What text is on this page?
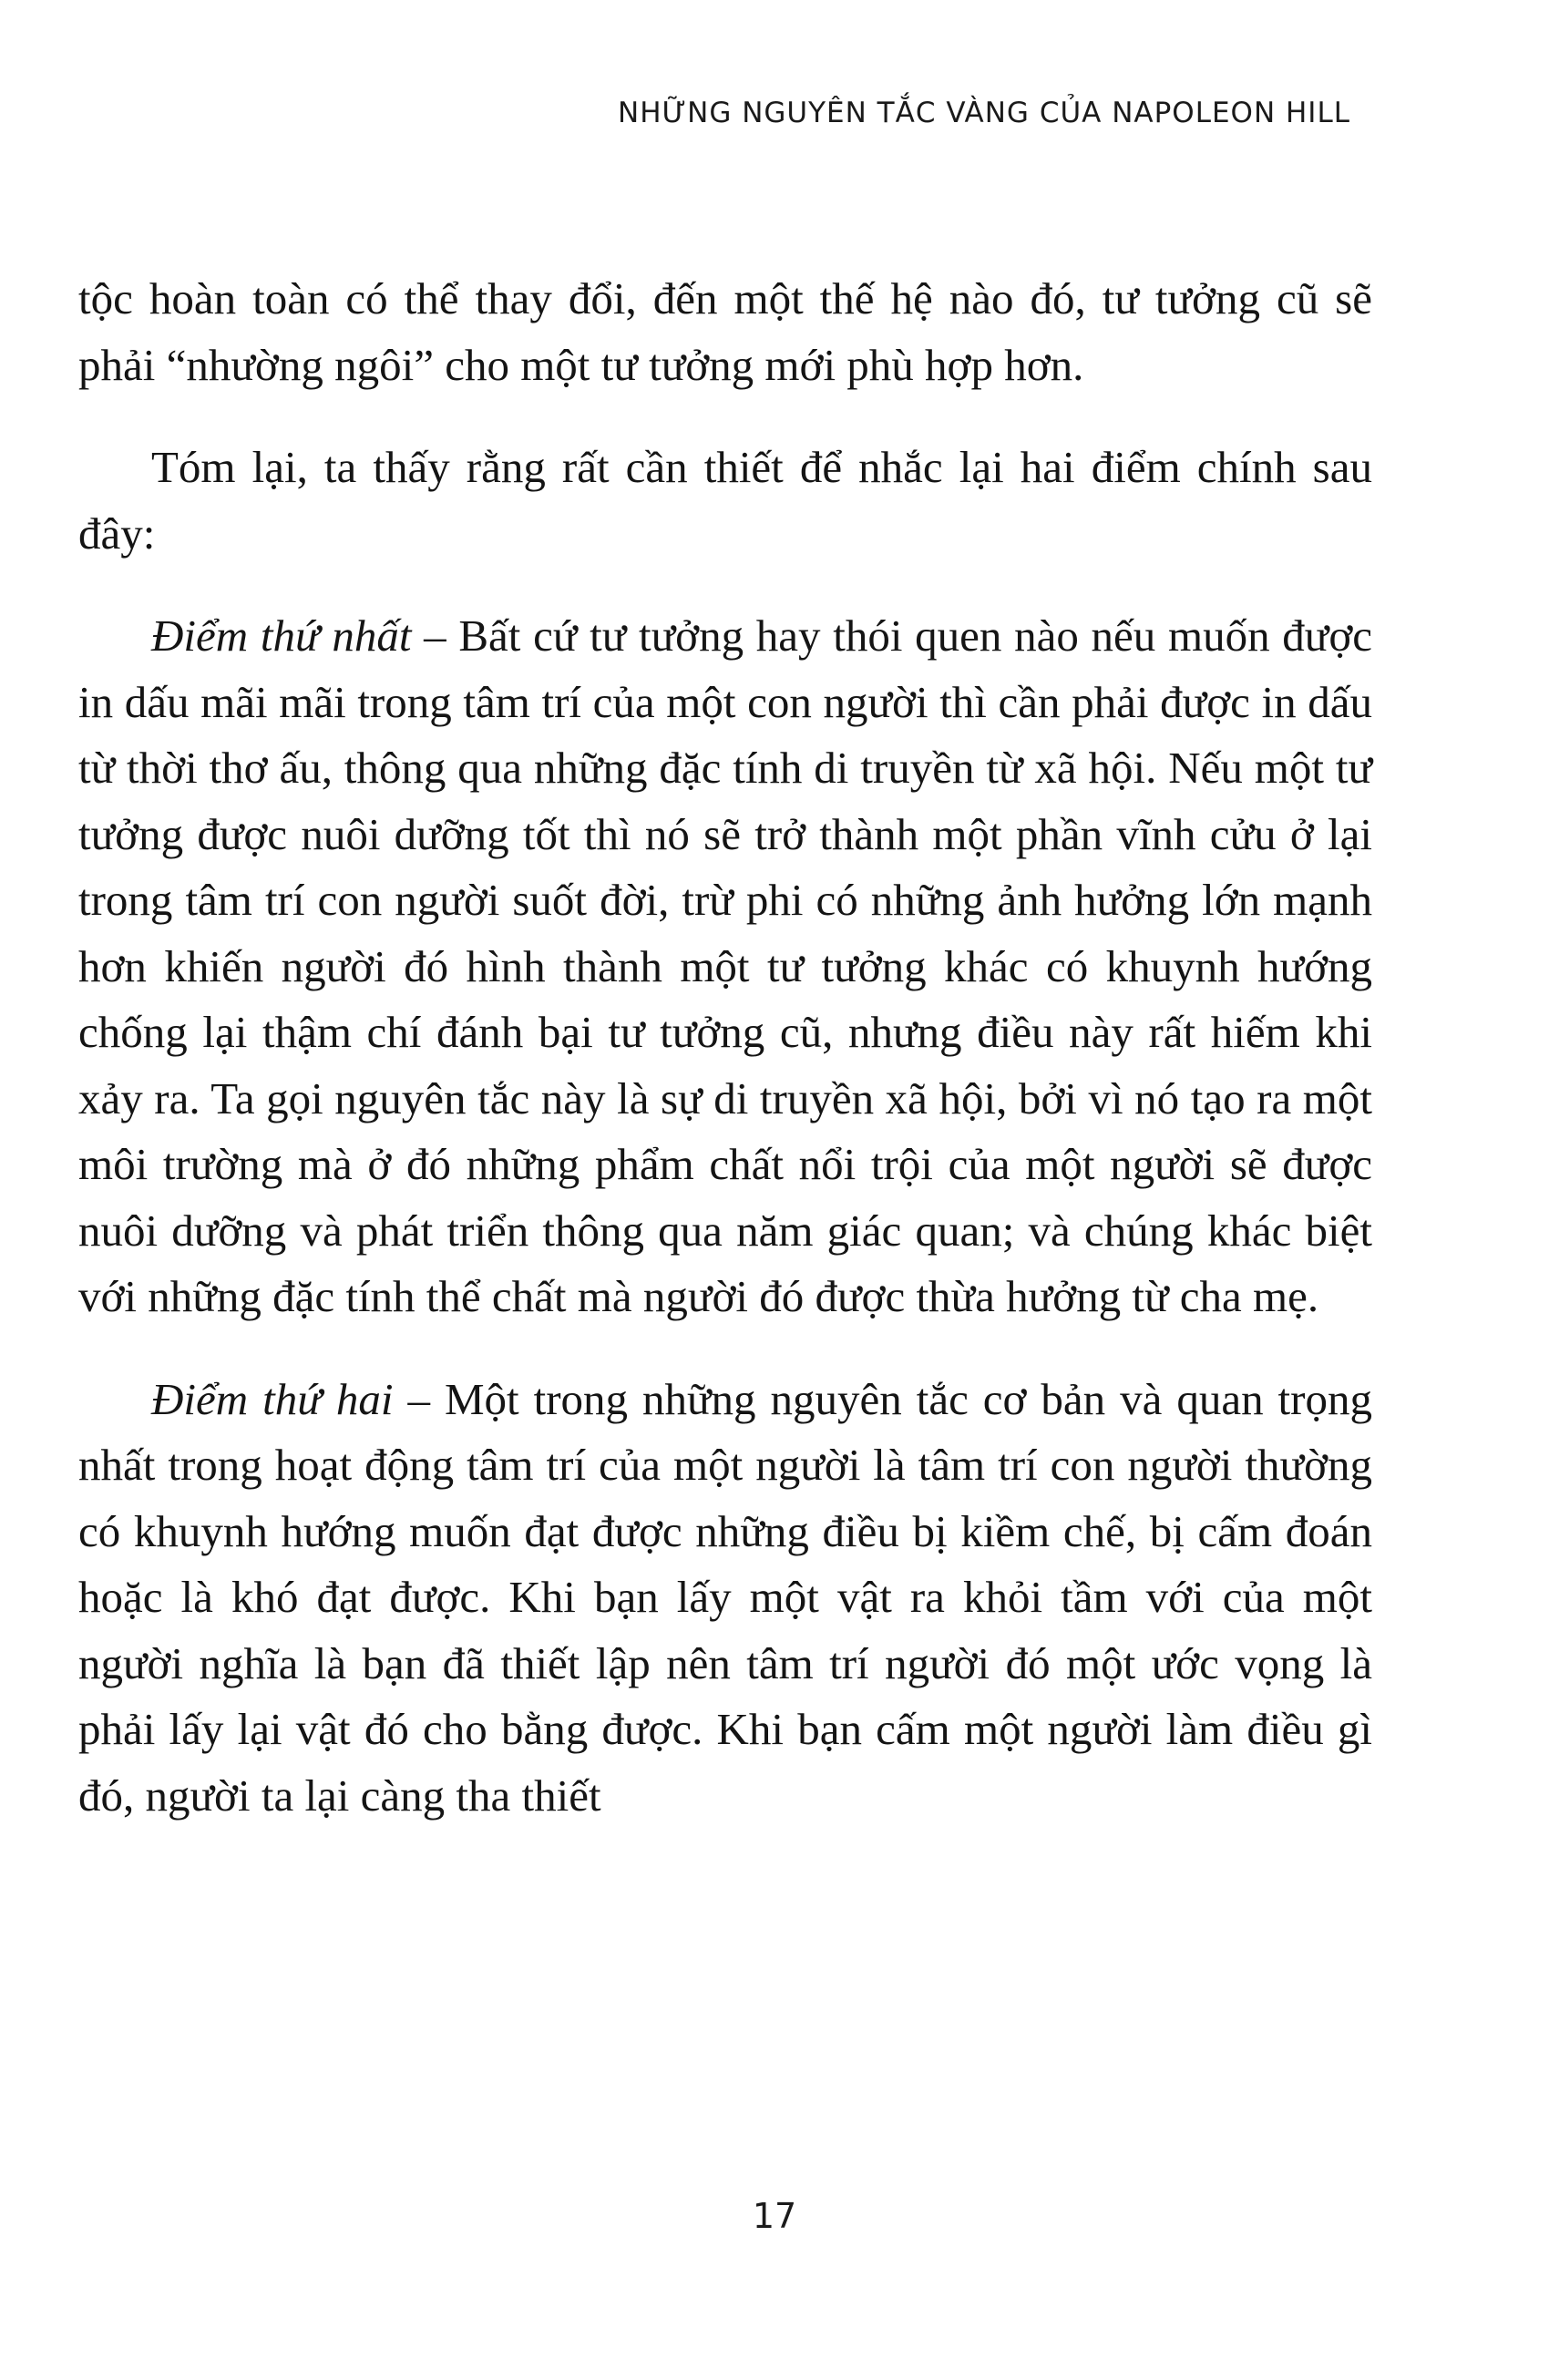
NHỮNG NGUYÊN TẮC VÀNG CỦA NAPOLEON HILL

tộc hoàn toàn có thể thay đổi, đến một thế hệ nào đó, tư tưởng cũ sẽ phải “nhường ngôi” cho một tư tưởng mới phù hợp hơn.

Tóm lại, ta thấy rằng rất cần thiết để nhắc lại hai điểm chính sau đây:

Điểm thứ nhất – Bất cứ tư tưởng hay thói quen nào nếu muốn được in dấu mãi mãi trong tâm trí của một con người thì cần phải được in dấu từ thời thơ ấu, thông qua những đặc tính di truyền từ xã hội. Nếu một tư tưởng được nuôi dưỡng tốt thì nó sẽ trở thành một phần vĩnh cửu ở lại trong tâm trí con người suốt đời, trừ phi có những ảnh hưởng lớn mạnh hơn khiến người đó hình thành một tư tưởng khác có khuynh hướng chống lại thậm chí đánh bại tư tưởng cũ, nhưng điều này rất hiếm khi xảy ra. Ta gọi nguyên tắc này là sự di truyền xã hội, bởi vì nó tạo ra một môi trường mà ở đó những phẩm chất nổi trội của một người sẽ được nuôi dưỡng và phát triển thông qua năm giác quan; và chúng khác biệt với những đặc tính thể chất mà người đó được thừa hưởng từ cha mẹ.

Điểm thứ hai – Một trong những nguyên tắc cơ bản và quan trọng nhất trong hoạt động tâm trí của một người là tâm trí con người thường có khuynh hướng muốn đạt được những điều bị kiềm chế, bị cấm đoán hoặc là khó đạt được. Khi bạn lấy một vật ra khỏi tầm với của một người nghĩa là bạn đã thiết lập nên tâm trí người đó một ước vọng là phải lấy lại vật đó cho bằng được. Khi bạn cấm một người làm điều gì đó, người ta lại càng tha thiết

17
